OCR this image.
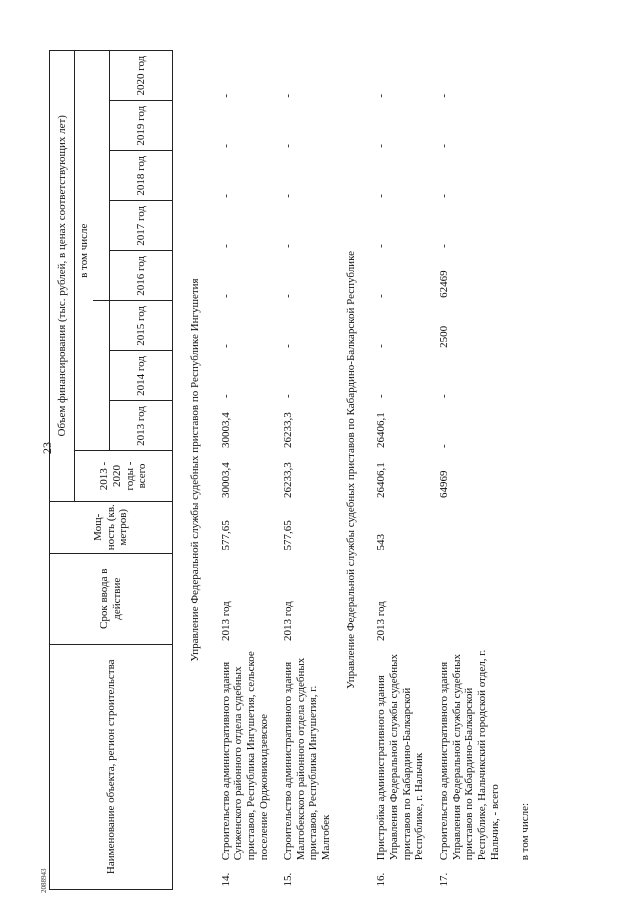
23
2088943
Наименование объекта, регион строительства		Срок ввода в действие	Мощ-ность (кв. метров)	Объем финансирования (тыс. рублей, в ценах соответствующих лет)								
				2013 - 2020 годы - всего	в том числе							

					2013 год	2014 год	2015 год	2016 год	2017 год	2018 год	2019 год	2020 год

Управление Федеральной службы судебных приставов по Республике Ингушетия												
14.	Строительство административного здания Сунженского районного отдела судебных приставов, Республика Ингушетия, сельское поселение Орджоникидзевское	2013 год	577,65	30003,4	30003,4	-	-	-	-	-	-	-
15.	Строительство административного здания Малгобекского районного отдела судебных приставов, Республика Ингушетия, г. Малгобек	2013 год	577,65	26233,3	26233,3	-	-	-	-	-	-	-
Управление Федеральной службы судебных приставов по Кабардино-Балкарской Республике												
16.	Пристройка административного здания Управления Федеральной службы судебных приставов по Кабардино-Балкарской Республике, г. Нальчик	2013 год	543	26406,1	26406,1	-	-	-	-	-	-	-
17.	Строительство административного здания Управления Федеральной службы судебных приставов по Кабардино-Балкарской Республике, Нальчикский городской отдел, г. Нальчик, - всего			64969	-	-	2500	62469	-	-	-	-
	в том числе:											
